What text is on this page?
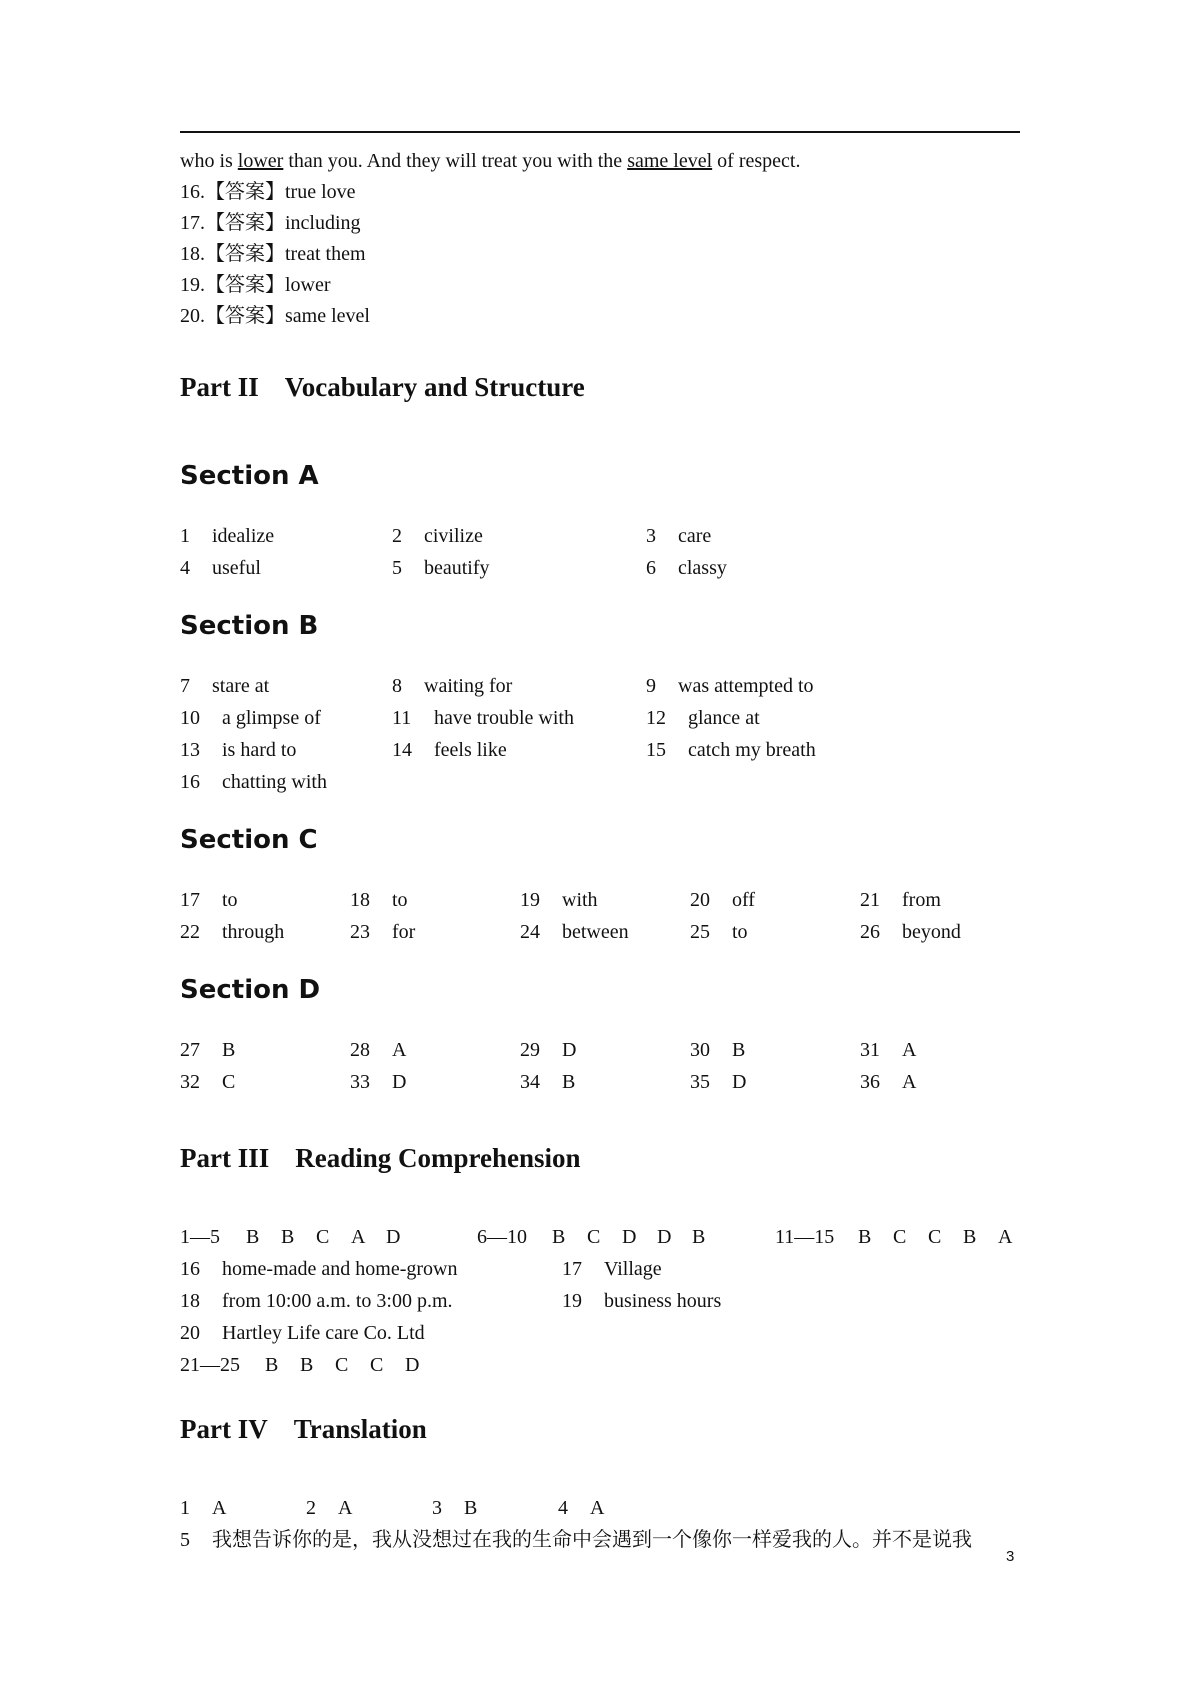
who is lower than you. And they will treat you with the same level of respect.
16.【答案】true love
17.【答案】including
18.【答案】treat them
19.【答案】lower
20.【答案】same level
Part II Vocabulary and Structure
Section A
1 idealize	2 civilize	3 care
4 useful	5 beautify	6 classy
Section B
7 stare at	8 waiting for	9 was attempted to
10 a glimpse of	11 have trouble with	12 glance at
13 is hard to	14 feels like	15 catch my breath
16 chatting with
Section C
17 to	18 to	19 with	20 off	21 from
22 through	23 for	24 between	25 to	26 beyond
Section D
27 B	28 A	29 D	30 B	31 A
32 C	33 D	34 B	35 D	36 A
Part III Reading Comprehension
1—5 B B C A D	6—10 B C D D B	11—15 B C C B A
16 home-made and home-grown	17 Village
18 from 10:00 a.m. to 3:00 p.m.	19 business hours
20 Hartley Life care Co. Ltd
21—25 B B C C D
Part IV Translation
1 A	2 A	3 B	4 A
5 我想告诉你的是，我从没想过在我的生命中会遇到一个像你一样爱我的人。并不是说我
3
